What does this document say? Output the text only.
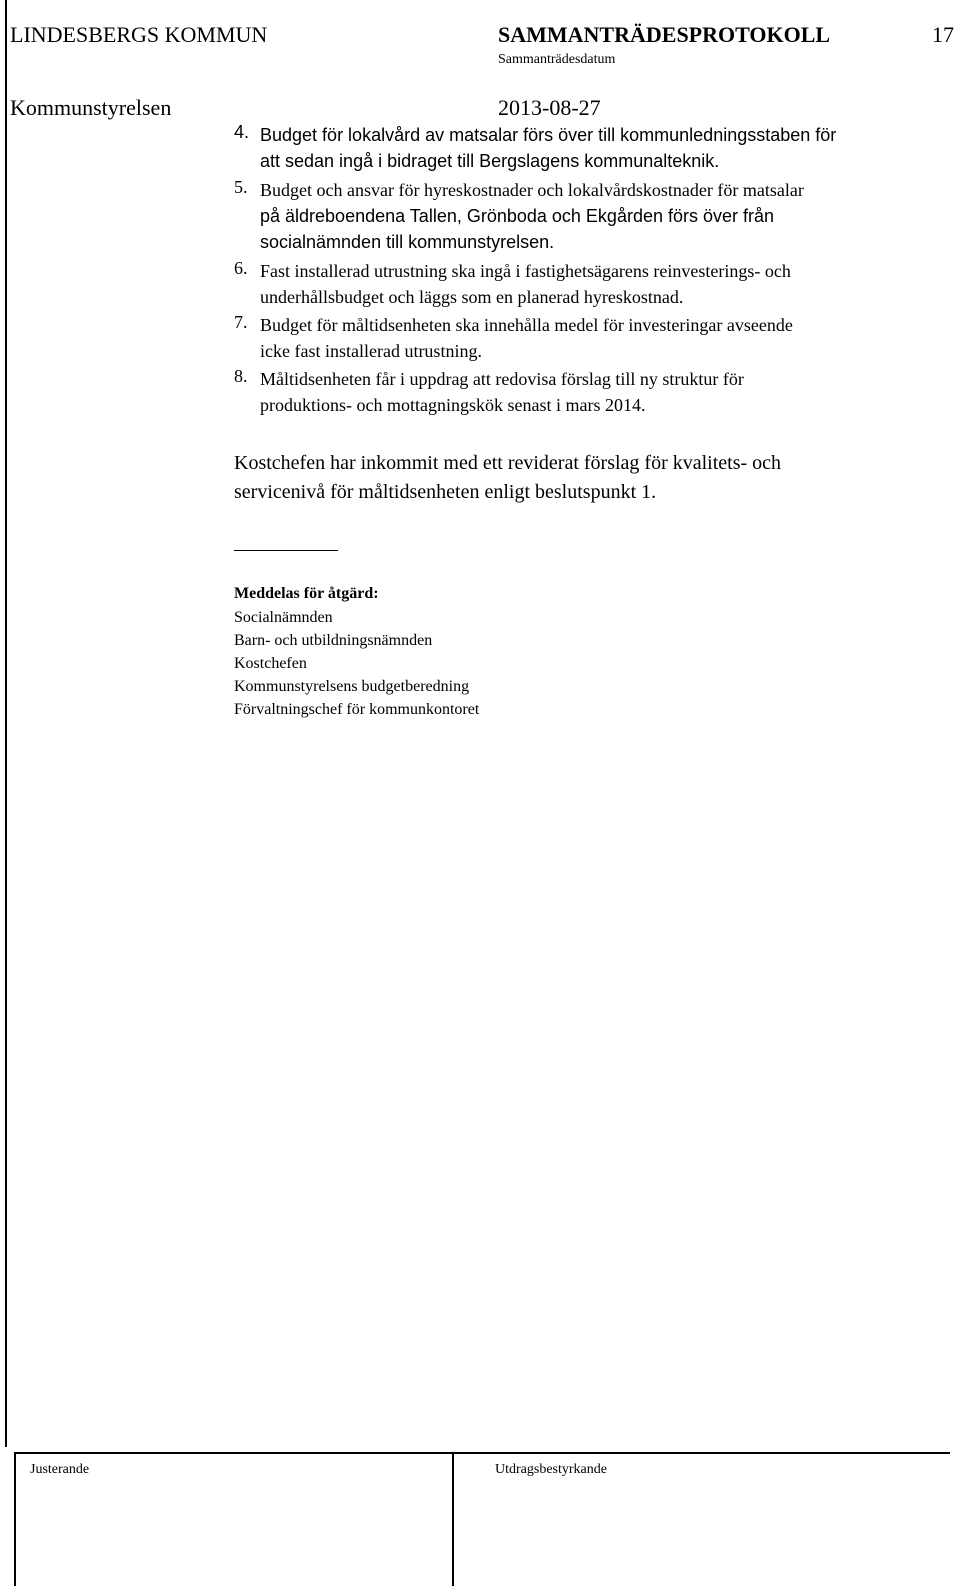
LINDESBERGS KOMMUN	SAMMANTRÄDESPROTOKOLL	17
Sammanträdesdatum
Kommunstyrelsen	2013-08-27
4. Budget för lokalvård av matsalar förs över till kommunledningsstaben för
att sedan ingå i bidraget till Bergslagens kommunalteknik.
5. Budget och ansvar för hyreskostnader och lokalvårdskostnader för matsalar
på äldreboendena Tallen, Grönboda och Ekgården förs över från
socialnämnden till kommunstyrelsen.
6. Fast installerad utrustning ska ingå i fastighetsägarens reinvesterings- och
underhållsbudget och läggs som en planerad hyreskostnad.
7. Budget för måltidsenheten ska innehålla medel för investeringar avseende
icke fast installerad utrustning.
8. Måltidsenheten får i uppdrag att redovisa förslag till ny struktur för
produktions- och mottagningskök senast i mars 2014.
Kostchefen har inkommit med ett reviderat förslag för kvalitets- och
servicenivå för måltidsenheten enligt beslutspunkt 1.
Meddelas för åtgärd:
Socialnämnden
Barn- och utbildningsnämnden
Kostchefen
Kommunstyrelsens budgetberedning
Förvaltningschef för kommunkontoret
Justerande	Utdragsbestyrkande
